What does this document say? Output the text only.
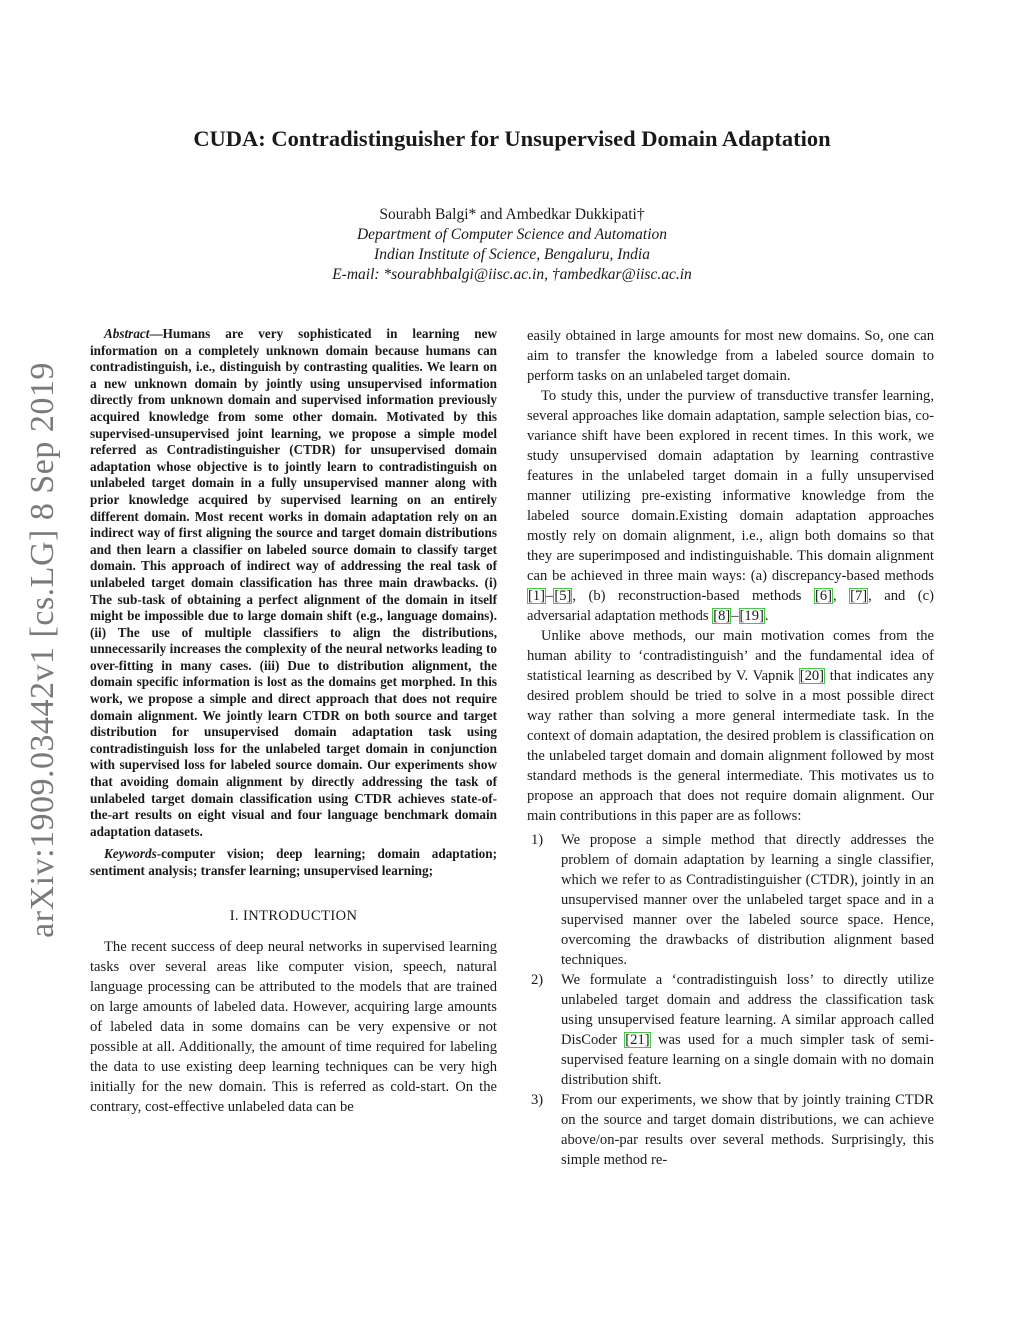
arXiv:1909.03442v1 [cs.LG] 8 Sep 2019
CUDA: Contradistinguisher for Unsupervised Domain Adaptation
Sourabh Balgi* and Ambedkar Dukkipati†
Department of Computer Science and Automation
Indian Institute of Science, Bengaluru, India
E-mail: *sourabhbalgi@iisc.ac.in, †ambedkar@iisc.ac.in

Abstract—Humans are very sophisticated in learning new information on a completely unknown domain because humans can contradistinguish, i.e., distinguish by contrasting qualities. We learn on a new unknown domain by jointly using unsupervised information directly from unknown domain and supervised information previously acquired knowledge from some other domain. Motivated by this supervised-unsupervised joint learning, we propose a simple model referred as Contradistinguisher (CTDR) for unsupervised domain adaptation whose objective is to jointly learn to contradistinguish on unlabeled target domain in a fully unsupervised manner along with prior knowledge acquired by supervised learning on an entirely different domain. Most recent works in domain adaptation rely on an indirect way of first aligning the source and target domain distributions and then learn a classifier on labeled source domain to classify target domain. This approach of indirect way of addressing the real task of unlabeled target domain classification has three main drawbacks. (i) The sub-task of obtaining a perfect alignment of the domain in itself might be impossible due to large domain shift (e.g., language domains). (ii) The use of multiple classifiers to align the distributions, unnecessarily increases the complexity of the neural networks leading to over-fitting in many cases. (iii) Due to distribution alignment, the domain specific information is lost as the domains get morphed. In this work, we propose a simple and direct approach that does not require domain alignment. We jointly learn CTDR on both source and target distribution for unsupervised domain adaptation task using contradistinguish loss for the unlabeled target domain in conjunction with supervised loss for labeled source domain. Our experiments show that avoiding domain alignment by directly addressing the task of unlabeled target domain classification using CTDR achieves state-of-the-art results on eight visual and four language benchmark domain adaptation datasets.

Keywords-computer vision; deep learning; domain adaptation; sentiment analysis; transfer learning; unsupervised learning;

I. INTRODUCTION

The recent success of deep neural networks in supervised learning tasks over several areas like computer vision, speech, natural language processing can be attributed to the models that are trained on large amounts of labeled data. However, acquiring large amounts of labeled data in some domains can be very expensive or not possible at all. Additionally, the amount of time required for labeling the data to use existing deep learning techniques can be very high initially for the new domain. This is referred as cold-start. On the contrary, cost-effective unlabeled data can be

easily obtained in large amounts for most new domains. So, one can aim to transfer the knowledge from a labeled source domain to perform tasks on an unlabeled target domain.

To study this, under the purview of transductive transfer learning, several approaches like domain adaptation, sample selection bias, co-variance shift have been explored in recent times. In this work, we study unsupervised domain adaptation by learning contrastive features in the unlabeled target domain in a fully unsupervised manner utilizing pre-existing informative knowledge from the labeled source domain.Existing domain adaptation approaches mostly rely on domain alignment, i.e., align both domains so that they are superimposed and indistinguishable. This domain alignment can be achieved in three main ways: (a) discrepancy-based methods [1]–[5], (b) reconstruction-based methods [6], [7], and (c) adversarial adaptation methods [8]–[19].

Unlike above methods, our main motivation comes from the human ability to ‘contradistinguish’ and the fundamental idea of statistical learning as described by V. Vapnik [20] that indicates any desired problem should be tried to solve in a most possible direct way rather than solving a more general intermediate task. In the context of domain adaptation, the desired problem is classification on the unlabeled target domain and domain alignment followed by most standard methods is the general intermediate. This motivates us to propose an approach that does not require domain alignment. Our main contributions in this paper are as follows:

1)	We propose a simple method that directly addresses the problem of domain adaptation by learning a single classifier, which we refer to as Contradistinguisher (CTDR), jointly in an unsupervised manner over the unlabeled target space and in a supervised manner over the labeled source space. Hence, overcoming the drawbacks of distribution alignment based techniques.
2)	We formulate a ‘contradistinguish loss’ to directly utilize unlabeled target domain and address the classification task using unsupervised feature learning. A similar approach called DisCoder [21] was used for a much simpler task of semi-supervised feature learning on a single domain with no domain distribution shift.
3)	From our experiments, we show that by jointly training CTDR on the source and target domain distributions, we can achieve above/on-par results over several methods. Surprisingly, this simple method re-
